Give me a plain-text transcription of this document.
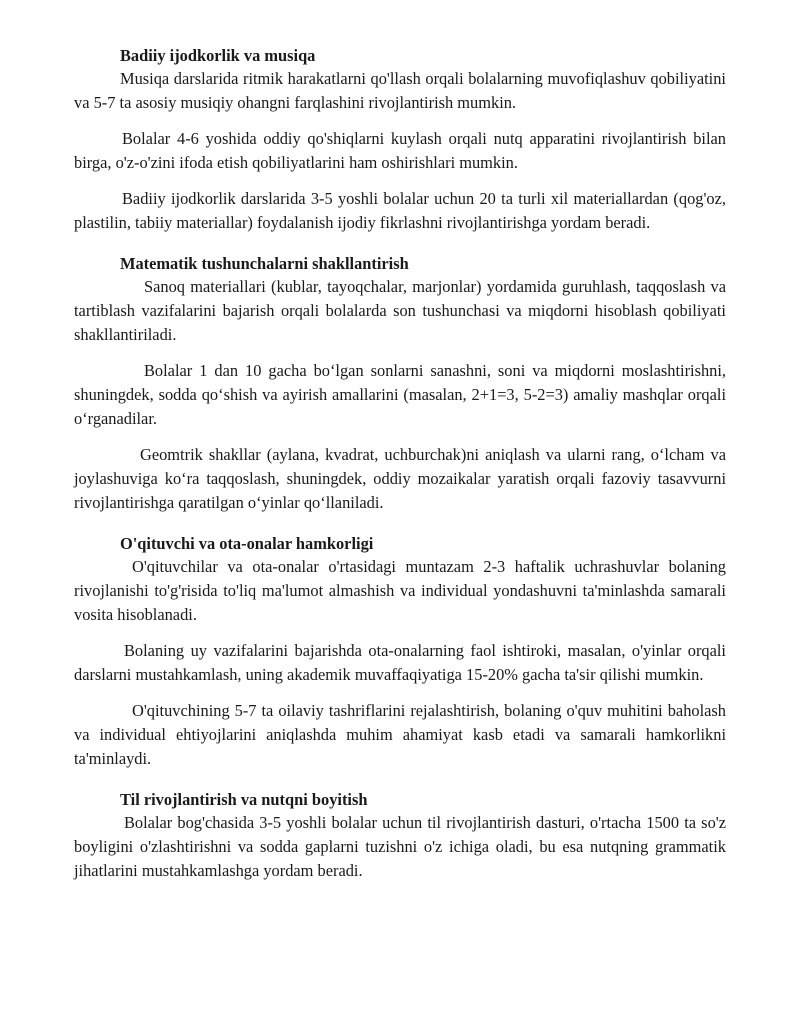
Badiiy ijodkorlik va musiqa

Musiqa darslarida ritmik harakatlarni qo'llash orqali bolalarning muvofiqlashuv qobiliyatini va 5-7 ta asosiy musiqiy ohangni farqlashini rivojlantirish mumkin.

Bolalar 4-6 yoshida oddiy qo'shiqlarni kuylash orqali nutq apparatini rivojlantirish bilan birga, o'z-o'zini ifoda etish qobiliyatlarini ham oshirishlari mumkin.

Badiiy ijodkorlik darslarida 3-5 yoshli bolalar uchun 20 ta turli xil materiallardan (qog'oz, plastilin, tabiiy materiallar) foydalanish ijodiy fikrlashni rivojlantirishga yordam beradi.

Matematik tushunchalarni shakllantirish

Sanoq materiallari (kublar, tayoqchalar, marjonlar) yordamida guruhlash, taqqoslash va tartiblash vazifalarini bajarish orqali bolalarda son tushunchasi va miqdorni hisoblash qobiliyati shakllantiriladi.

Bolalar 1 dan 10 gacha bo‘lgan sonlarni sanashni, soni va miqdorni moslashtirishni, shuningdek, sodda qo‘shish va ayirish amallarini (masalan, 2+1=3, 5-2=3) amaliy mashqlar orqali o‘rganadilar.

Geomtrik shakllar (aylana, kvadrat, uchburchak)ni aniqlash va ularni rang, o‘lcham va joylashuviga ko‘ra taqqoslash, shuningdek, oddiy mozaikalar yaratish orqali fazoviy tasavvurni rivojlantirishga qaratilgan o‘yinlar qo‘llaniladi.

O'qituvchi va ota-onalar hamkorligi

O'qituvchilar va ota-onalar o'rtasidagi muntazam 2-3 haftalik uchrashuvlar bolaning rivojlanishi to'g'risida to'liq ma'lumot almashish va individual yondashuvni ta'minlashda samarali vosita hisoblanadi.

Bolaning uy vazifalarini bajarishda ota-onalarning faol ishtiroki, masalan, o'yinlar orqali darslarni mustahkamlash, uning akademik muvaffaqiyatiga 15-20% gacha ta'sir qilishi mumkin.

O'qituvchining 5-7 ta oilaviy tashriflarini rejalashtirish, bolaning o'quv muhitini baholash va individual ehtiyojlarini aniqlashda muhim ahamiyat kasb etadi va samarali hamkorlikni ta'minlaydi.

Til rivojlantirish va nutqni boyitish

Bolalar bog'chasida 3-5 yoshli bolalar uchun til rivojlantirish dasturi, o'rtacha 1500 ta so'z boyligini o'zlashtirishni va sodda gaplarni tuzishni o'z ichiga oladi, bu esa nutqning grammatik jihatlarini mustahkamlashga yordam beradi.
